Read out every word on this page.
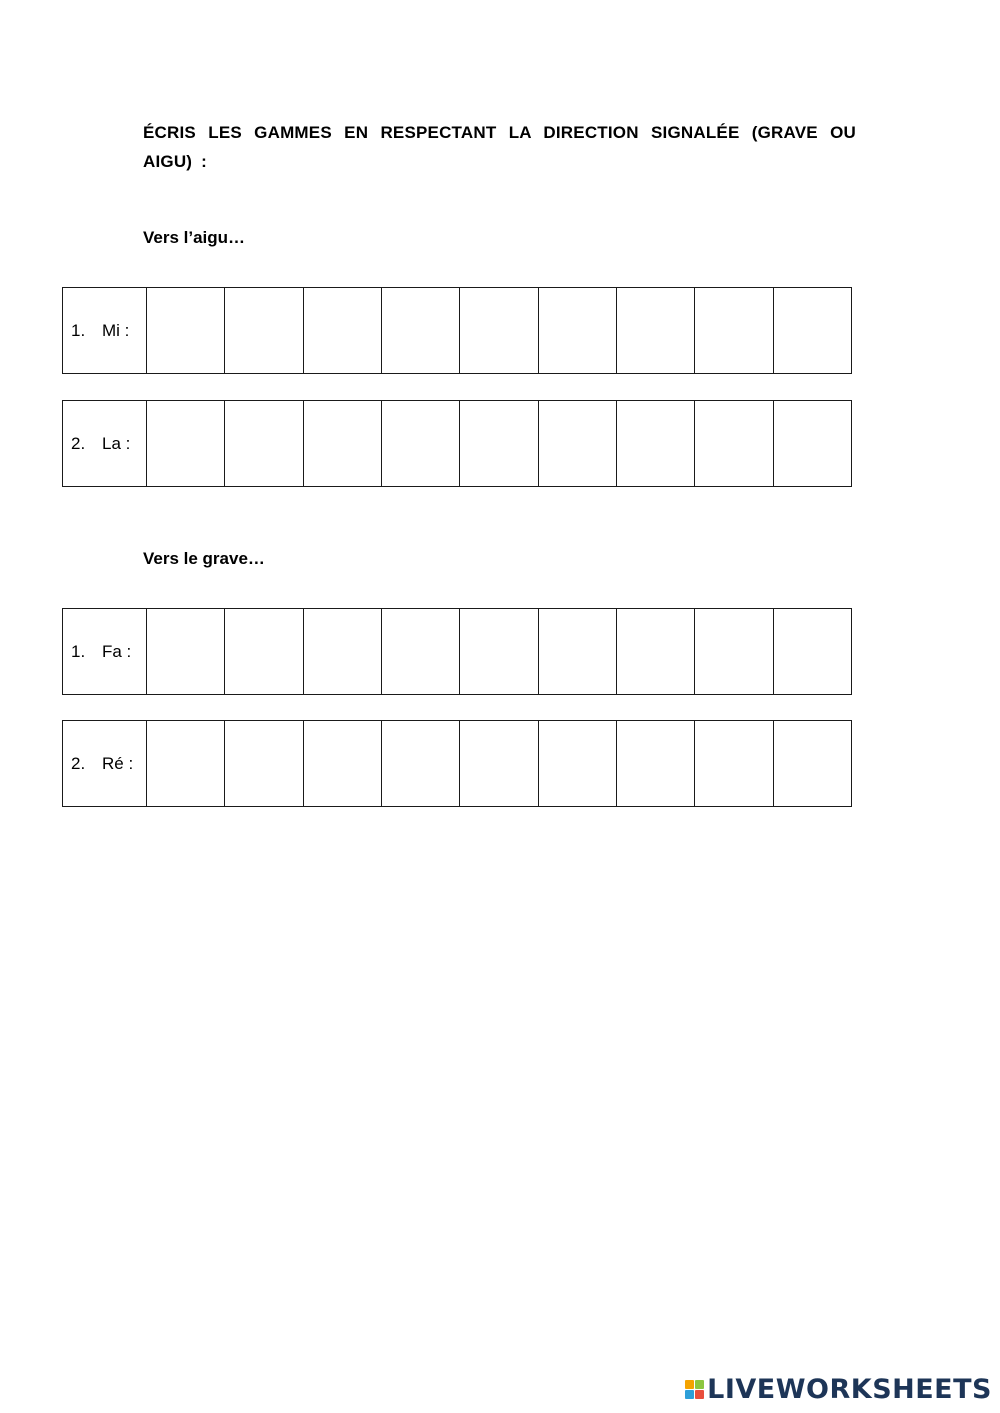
ÉCRIS LES GAMMES EN RESPECTANT LA DIRECTION SIGNALÉE (GRAVE OU AIGU) :
Vers l’aigu…
1. Mi :
2. La :
Vers le grave…
1. Fa :
2. Ré :
LIVEWORKSHEETS
